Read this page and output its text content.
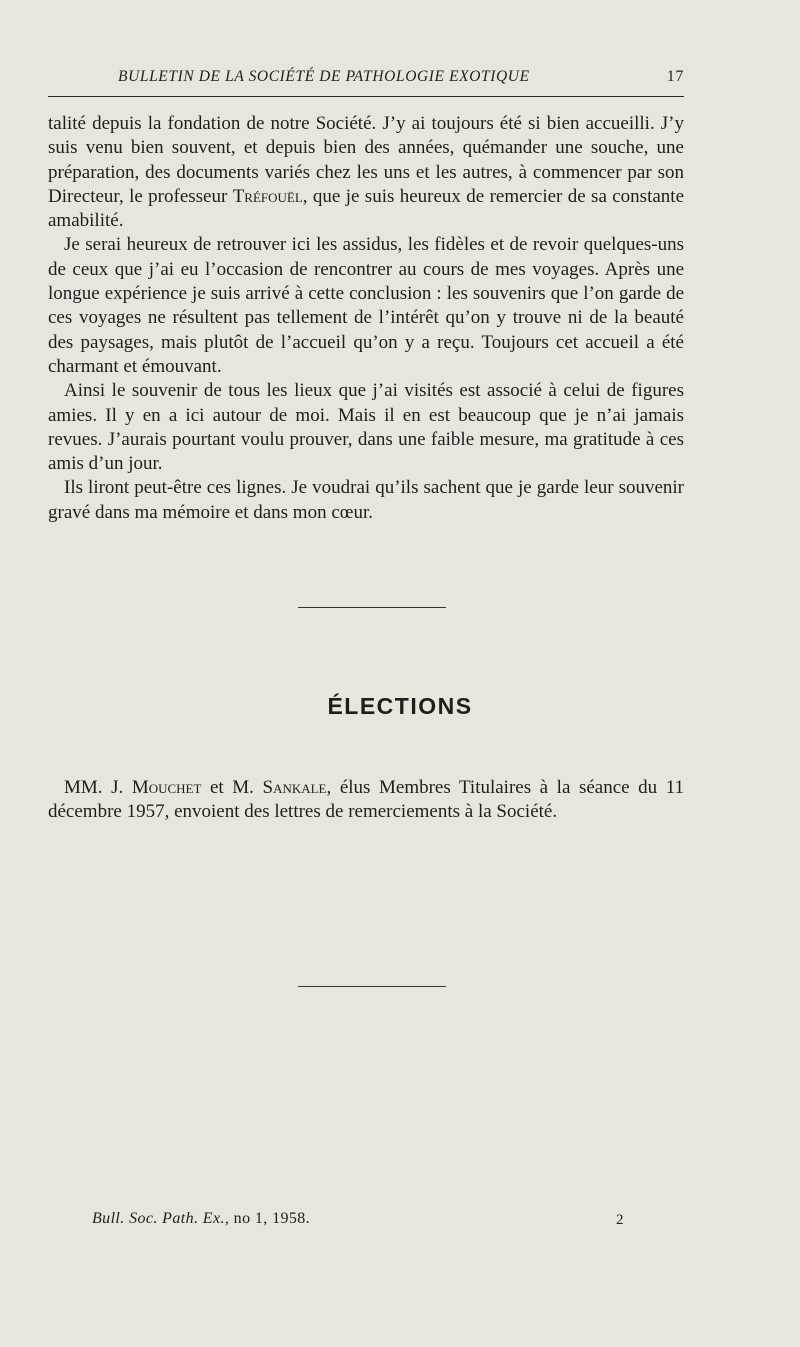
BULLETIN DE LA SOCIÉTÉ DE PATHOLOGIE EXOTIQUE	17

talité depuis la fondation de notre Société. J’y ai toujours été si bien accueilli. J’y suis venu bien souvent, et depuis bien des années, quémander une souche, une préparation, des documents variés chez les uns et les autres, à commencer par son Directeur, le professeur Tréfouël, que je suis heureux de remercier de sa constante amabilité.

Je serai heureux de retrouver ici les assidus, les fidèles et de revoir quelques-uns de ceux que j’ai eu l’occasion de rencontrer au cours de mes voyages. Après une longue expérience je suis arrivé à cette conclusion : les souvenirs que l’on garde de ces voyages ne résultent pas tellement de l’intérêt qu’on y trouve ni de la beauté des paysages, mais plutôt de l’accueil qu’on y a reçu. Toujours cet accueil a été charmant et émouvant.

Ainsi le souvenir de tous les lieux que j’ai visités est associé à celui de figures amies. Il y en a ici autour de moi. Mais il en est beaucoup que je n’ai jamais revues. J’aurais pourtant voulu prouver, dans une faible mesure, ma gratitude à ces amis d’un jour.

Ils liront peut-être ces lignes. Je voudrai qu’ils sachent que je garde leur souvenir gravé dans ma mémoire et dans mon cœur.

ÉLECTIONS

MM. J. Mouchet et M. Sankale, élus Membres Titulaires à la séance du 11 décembre 1957, envoient des lettres de remerciements à la Société.

Bull. Soc. Path. Ex., no 1, 1958.	2
